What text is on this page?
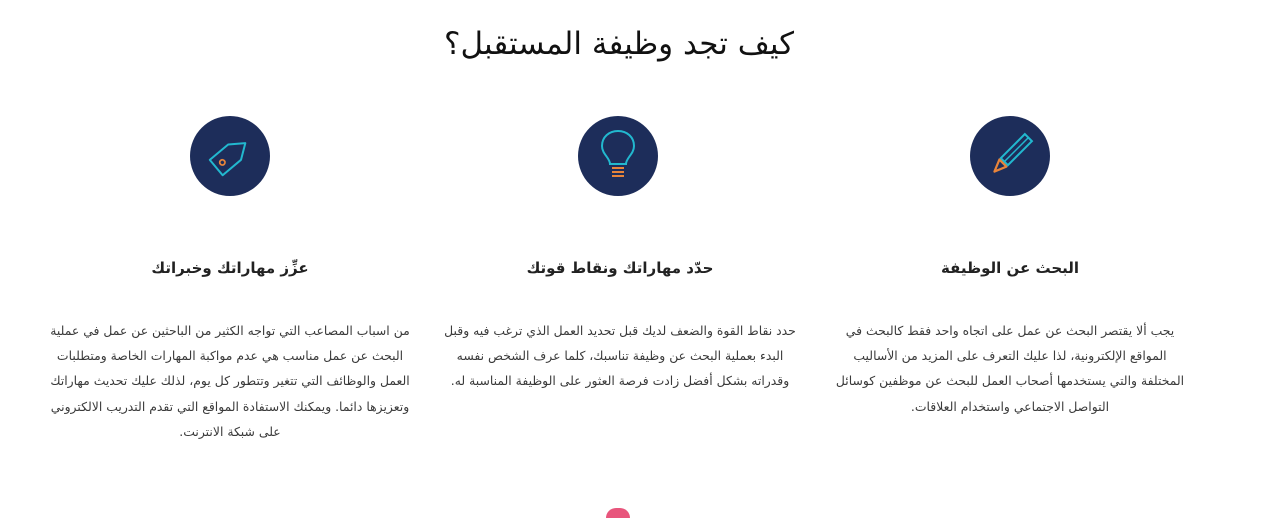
كيف تجد وظيفة المستقبل؟
البحث عن الوظيفة

يجب ألا يقتصر البحث عن عمل على اتجاه واحد فقط كالبحث في المواقع الإلكترونية، لذا عليك التعرف على المزيد من الأساليب المختلفة والتي يستخدمها أصحاب العمل للبحث عن موظفين كوسائل التواصل الاجتماعي واستخدام العلاقات.

حدّد مهاراتك ونقاط قوتك

حدد نقاط القوة والضعف لديك قبل تحديد العمل الذي ترغب فيه وقبل البدء بعملية البحث عن وظيفة تناسبك، كلما عرف الشخص نفسه وقدراته بشكل أفضل زادت فرصة العثور على الوظيفة المناسبة له.

عزِّز مهاراتك وخبراتك

من اسباب المصاعب التي تواجه الكثير من الباحثين عن عمل في عملية البحث عن عمل مناسب هي عدم مواكبة المهارات الخاصة ومتطلبات العمل والوظائف التي تتغير وتتطور كل يوم، لذلك عليك تحديث مهاراتك وتعزيزها دائما. ويمكنك الاستفادة المواقع التي تقدم التدريب الالكتروني على شبكة الانترنت.
